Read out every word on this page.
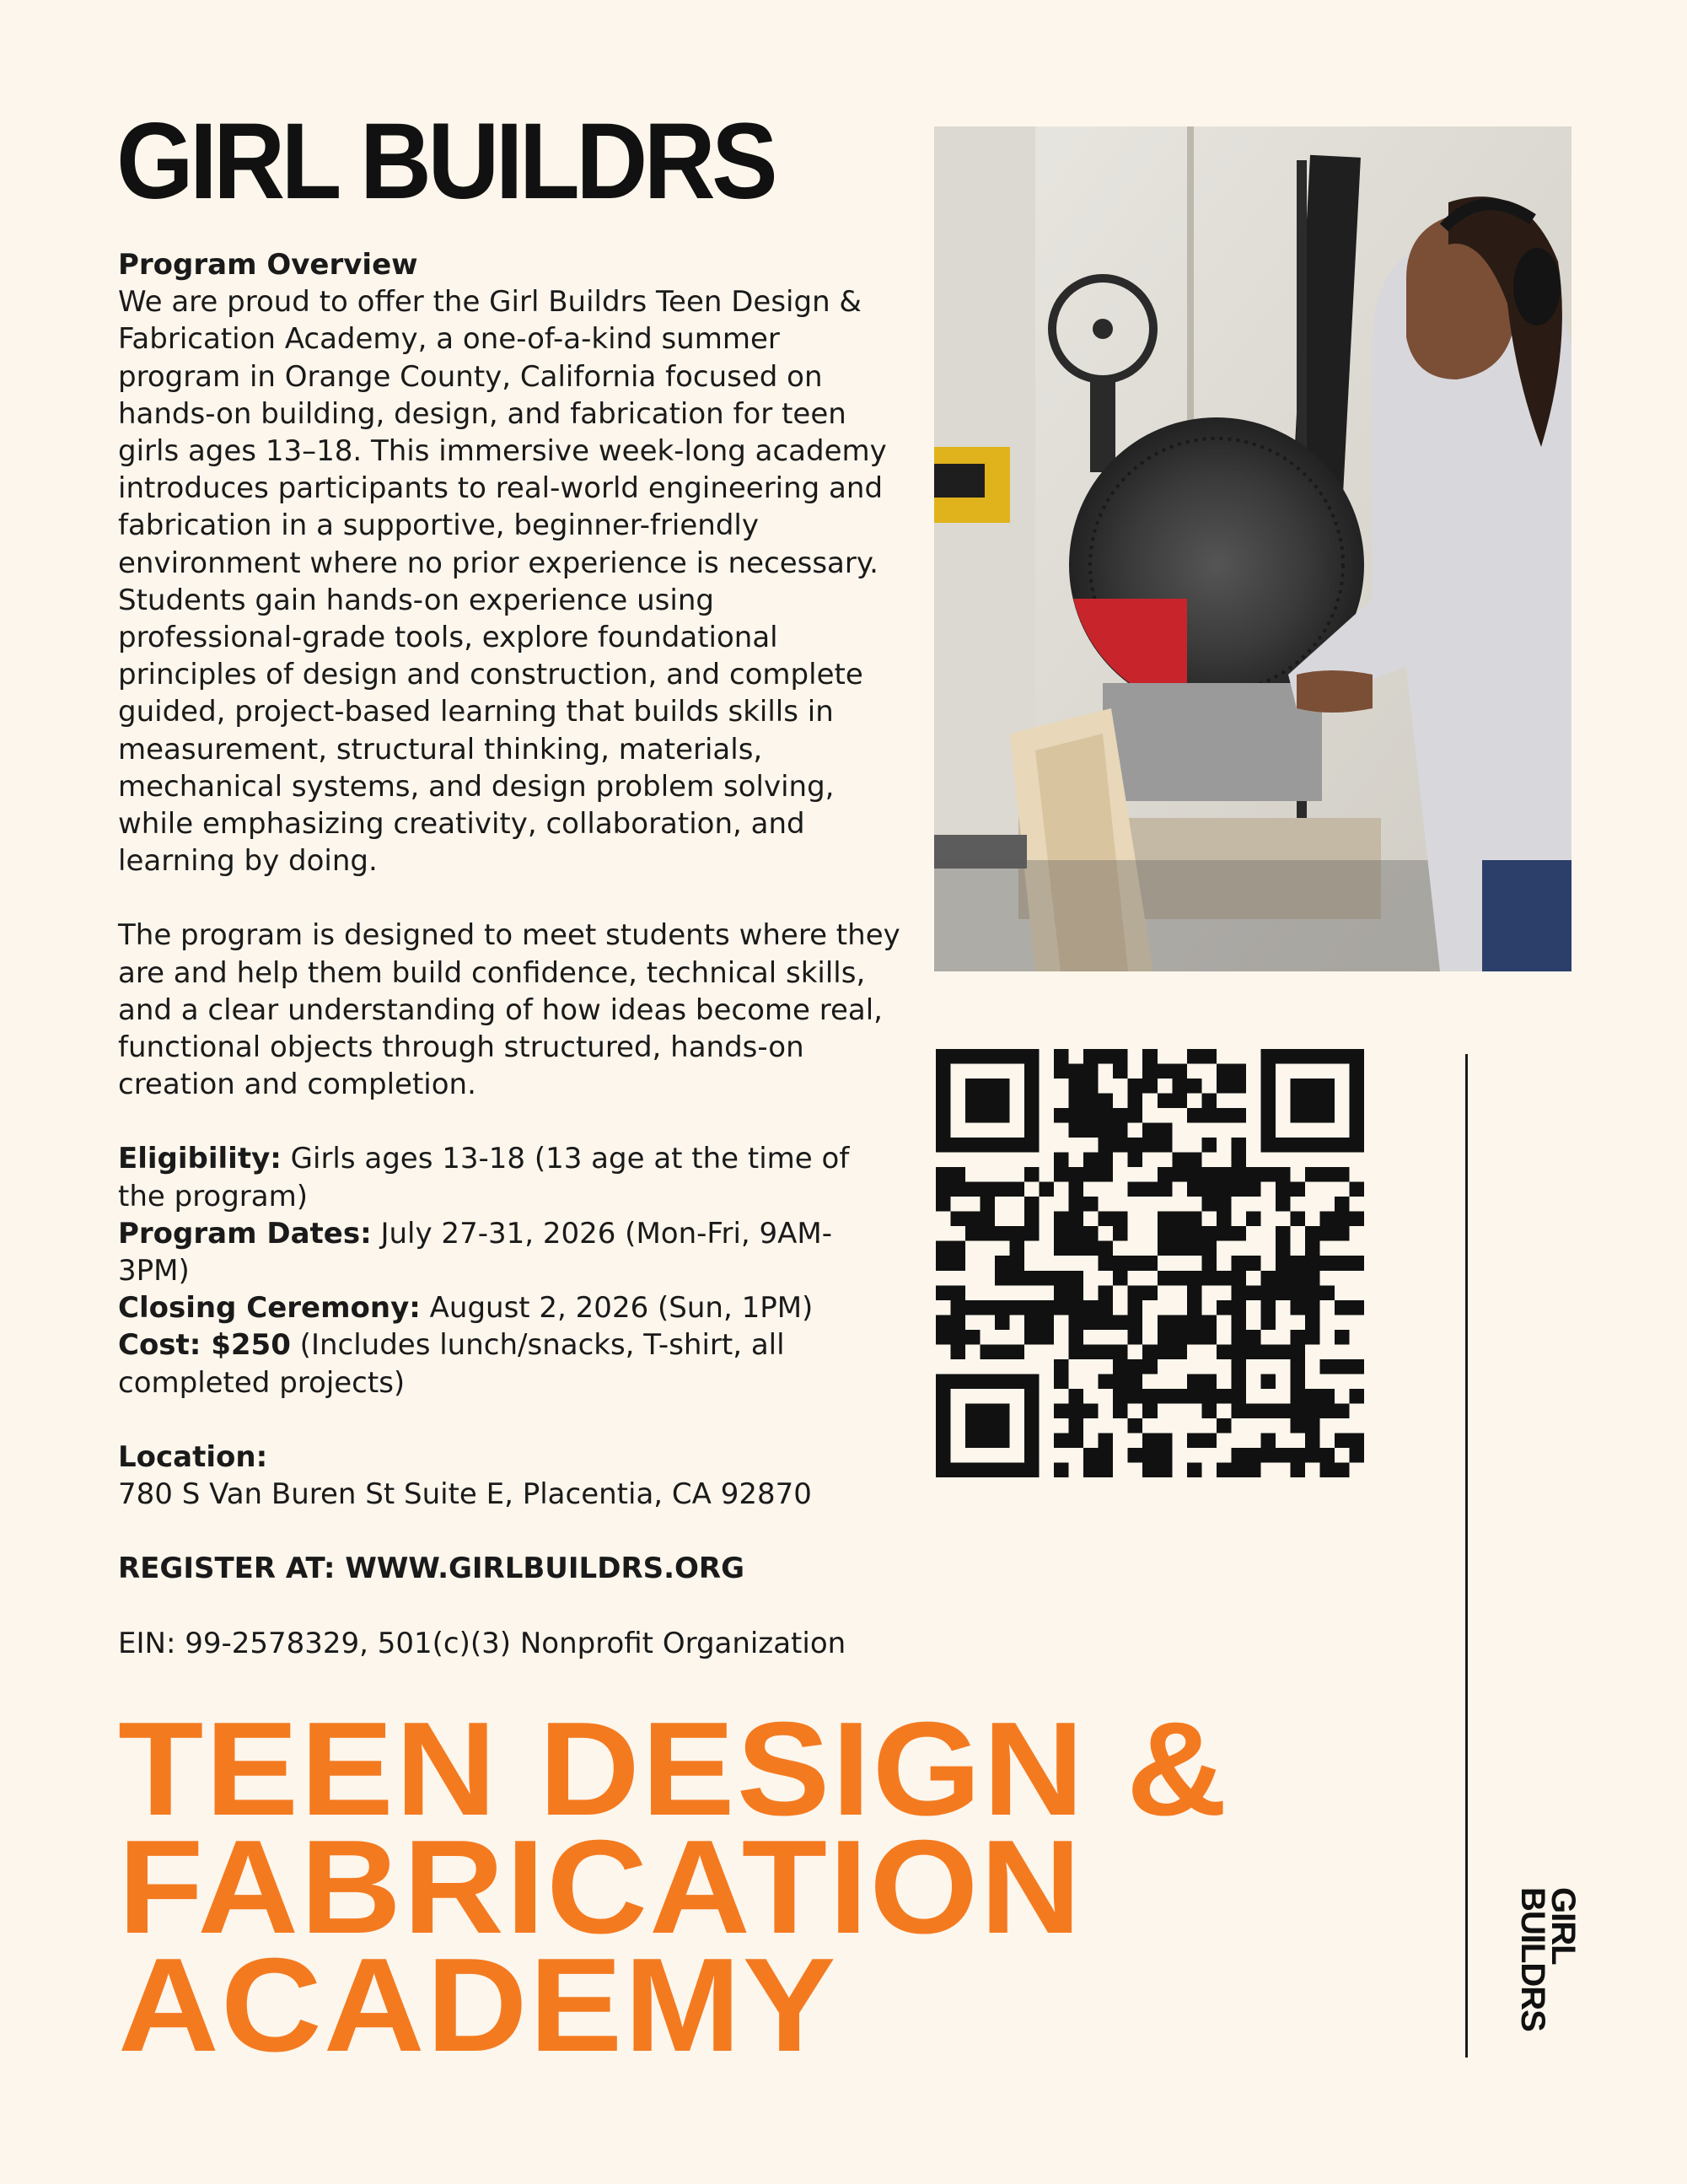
GIRL BUILDRS

Program Overview

We are proud to offer the Girl Buildrs Teen Design & Fabrication Academy, a one-of-a-kind summer program in Orange County, California focused on hands-on building, design, and fabrication for teen girls ages 13–18. This immersive week-long academy introduces participants to real-world engineering and fabrication in a supportive, beginner-friendly environment where no prior experience is necessary. Students gain hands-on experience using professional-grade tools, explore foundational principles of design and construction, and complete guided, project-based learning that builds skills in measurement, structural thinking, materials, mechanical systems, and design problem solving, while emphasizing creativity, collaboration, and learning by doing.

The program is designed to meet students where they are and help them build confidence, technical skills, and a clear understanding of how ideas become real, functional objects through structured, hands-on creation and completion.

Eligibility: Girls ages 13-18 (13 age at the time of the program)

Program Dates: July 27-31, 2026 (Mon-Fri, 9AM-3PM)

Closing Ceremony: August 2, 2026 (Sun, 1PM)

Cost: $250 (Includes lunch/snacks, T-shirt, all completed projects)

Location:

780 S Van Buren St Suite E, Placentia, CA 92870

REGISTER AT: WWW.GIRLBUILDRS.ORG

EIN: 99-2578329, 501(c)(3) Nonprofit Organization

GIRL
BUILDRS
TEEN DESIGN &
FABRICATION
ACADEMY
